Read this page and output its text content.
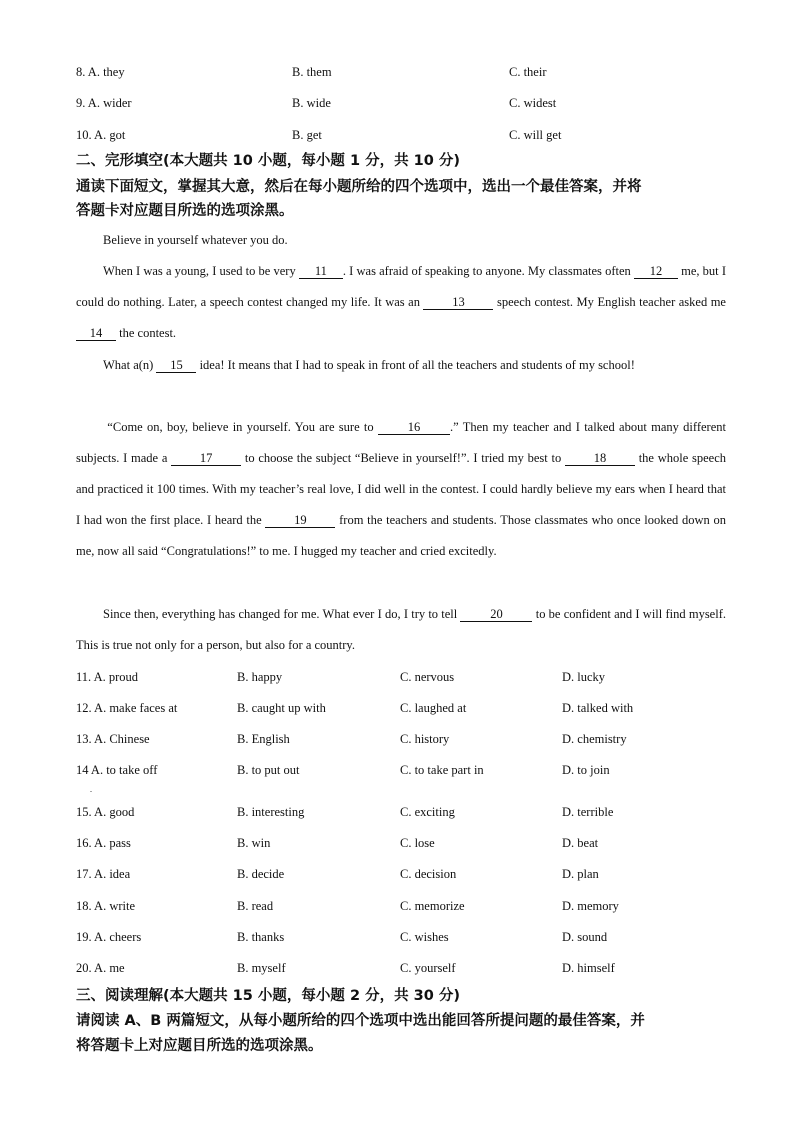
8. A. they	B. them	C. their
9. A. wider	B. wide	C. widest
10. A. got	B. get	C. will get
二、完形填空(本大题共 10 小题，每小题 1 分，共 10 分)
通读下面短文，掌握其大意，然后在每小题所给的四个选项中，选出一个最佳答案，并将
答题卡对应题目所选的选项涂黑。
Believe in yourself whatever you do.
When I was a young, I used to be very 11 . I was afraid of speaking to anyone. My classmates often 12 me, but I could do nothing. Later, a speech contest changed my life. It was an 13 speech contest. My English teacher asked me 14 the contest.
What a(n) 15 idea! It means that I had to speak in front of all the teachers and students of my school!
“Come on, boy, believe in yourself. You are sure to 16 .” Then my teacher and I talked about many different subjects. I made a 17 to choose the subject “Believe in yourself!”. I tried my best to 18 the whole speech and practiced it 100 times. With my teacher’s real love, I did well in the contest. I could hardly believe my ears when I heard that I had won the first place. I heard the 19 from the teachers and students. Those classmates who once looked down on me, now all said “Congratulations!” to me. I hugged my teacher and cried excitedly.
Since then, everything has changed for me. What ever I do, I try to tell 20 to be confident and I will find myself. This is true not only for a person, but also for a country.
11. A. proud	B. happy	C. nervous	D. lucky
12. A. make faces at	B. caught up with	C. laughed at	D. talked with
13. A. Chinese	B. English	C. history	D. chemistry
14 A. to take off	B. to put out	C. to take part in	D. to join
.
15. A. good	B. interesting	C. exciting	D. terrible
16. A. pass	B. win	C. lose	D. beat
17. A. idea	B. decide	C. decision	D. plan
18. A. write	B. read	C. memorize	D. memory
19. A. cheers	B. thanks	C. wishes	D. sound
20. A. me	B. myself	C. yourself	D. himself
三、阅读理解(本大题共 15 小题，每小题 2 分，共 30 分)
请阅读 A、B 两篇短文，从每小题所给的四个选项中选出能回答所提问题的最佳答案，并
将答题卡上对应题目所选的选项涂黑。
